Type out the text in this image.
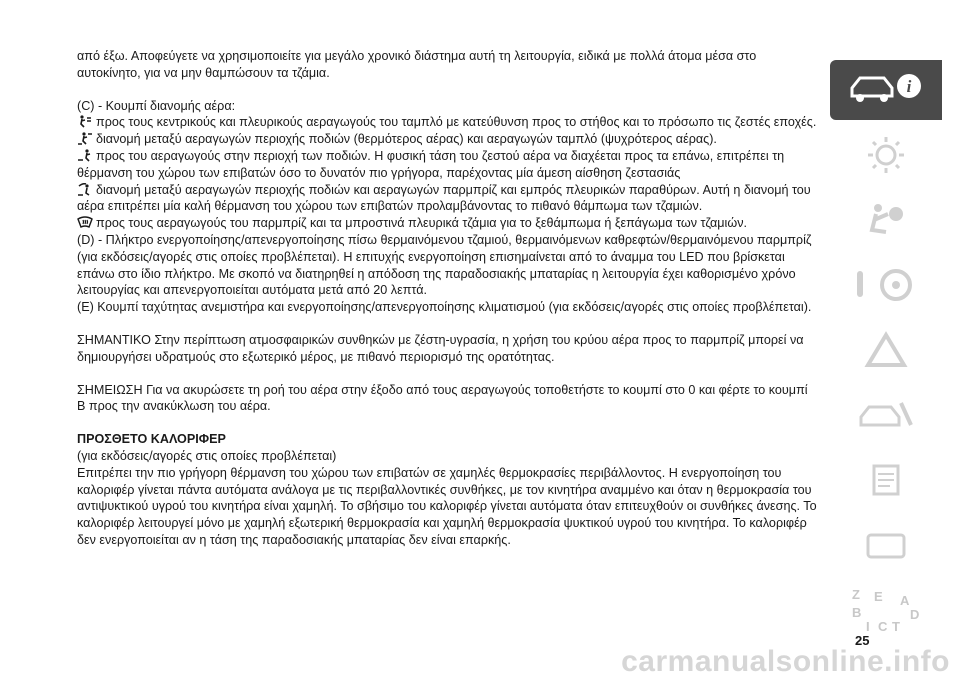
από έξω. Αποφεύγετε να χρησιμοποιείτε για μεγάλο χρονικό διάστημα αυτή τη λειτουργία, ειδικά με πολλά άτομα μέσα στο αυτοκίνητο, για να μην θαμπώσουν τα τζάμια.

(C) - Κουμπί διανομής αέρα:

προς τους κεντρικούς και πλευρικούς αεραγωγούς του ταμπλό με κατεύθυνση προς το στήθος και το πρόσωπο τις ζεστές εποχές.

διανομή μεταξύ αεραγωγών περιοχής ποδιών (θερμότερος αέρας) και αεραγωγών ταμπλό (ψυχρότερος αέρας).

προς του αεραγωγούς στην περιοχή των ποδιών. Η φυσική τάση του ζεστού αέρα να διαχέεται προς τα επάνω, επιτρέπει τη θέρμανση του χώρου των επιβατών όσο το δυνατόν πιο γρήγορα, παρέχοντας μία άμεση αίσθηση ζεστασιάς

διανομή μεταξύ αεραγωγών περιοχής ποδιών και αεραγωγών παρμπρίζ και εμπρός πλευρικών παραθύρων. Αυτή η διανομή του αέρα επιτρέπει μία καλή θέρμανση του χώρου των επιβατών προλαμβάνοντας το πιθανό θάμπωμα των τζαμιών.

προς τους αεραγωγούς του παρμπρίζ και τα μπροστινά πλευρικά τζάμια για το ξεθάμπωμα ή ξεπάγωμα των τζαμιών.

(D) - Πλήκτρο ενεργοποίησης/απενεργοποίησης πίσω θερμαινόμενου τζαμιού, θερμαινόμενων καθρεφτών/θερμαινόμενου παρμπρίζ (για εκδόσεις/αγορές στις οποίες προβλέπεται). Η επιτυχής ενεργοποίηση επισημαίνεται από το άναμμα του LED που βρίσκεται επάνω στο ίδιο πλήκτρο. Με σκοπό να διατηρηθεί η απόδοση της παραδοσιακής μπαταρίας η λειτουργία έχει καθορισμένο χρόνο λειτουργίας και απενεργοποιείται αυτόματα μετά από 20 λεπτά.

(E) Κουμπί ταχύτητας ανεμιστήρα και ενεργοποίησης/απενεργοποίησης κλιματισμού (για εκδόσεις/αγορές στις οποίες προβλέπεται).

ΣΗΜΑΝΤΙΚΟ Στην περίπτωση ατμοσφαιρικών συνθηκών με ζέστη-υγρασία, η χρήση του κρύου αέρα προς το παρμπρίζ μπορεί να δημιουργήσει υδρατμούς στο εξωτερικό μέρος, με πιθανό περιορισμό της ορατότητας.

ΣΗΜΕΙΩΣΗ Για να ακυρώσετε τη ροή του αέρα στην έξοδο από τους αεραγωγούς τοποθετήστε το κουμπί στο 0 και φέρτε το κουμπί B προς την ανακύκλωση του αέρα.

ΠΡΟΣΘΕΤΟ ΚΑΛΟΡΙΦΕΡ

(για εκδόσεις/αγορές στις οποίες προβλέπεται)

Επιτρέπει την πιο γρήγορη θέρμανση του χώρου των επιβατών σε χαμηλές θερμοκρασίες περιβάλλοντος. Η ενεργοποίηση του καλοριφέρ γίνεται πάντα αυτόματα ανάλογα με τις περιβαλλοντικές συνθήκες, με τον κινητήρα αναμμένο και όταν η θερμοκρασία του αντιψυκτικού υγρού του κινητήρα είναι χαμηλή. Το σβήσιμο του καλοριφέρ γίνεται αυτόματα όταν επιτευχθούν οι συνθήκες άνεσης. Το καλοριφέρ λειτουργεί μόνο με χαμηλή εξωτερική θερμοκρασία και χαμηλή θερμοκρασία ψυκτικού υγρού του κινητήρα. Το καλοριφέρ δεν ενεργοποιείται αν η τάση της παραδοσιακής μπαταρίας δεν είναι επαρκής.

i
Z E A
B	D
I C T
25
carmanualsonline.info
